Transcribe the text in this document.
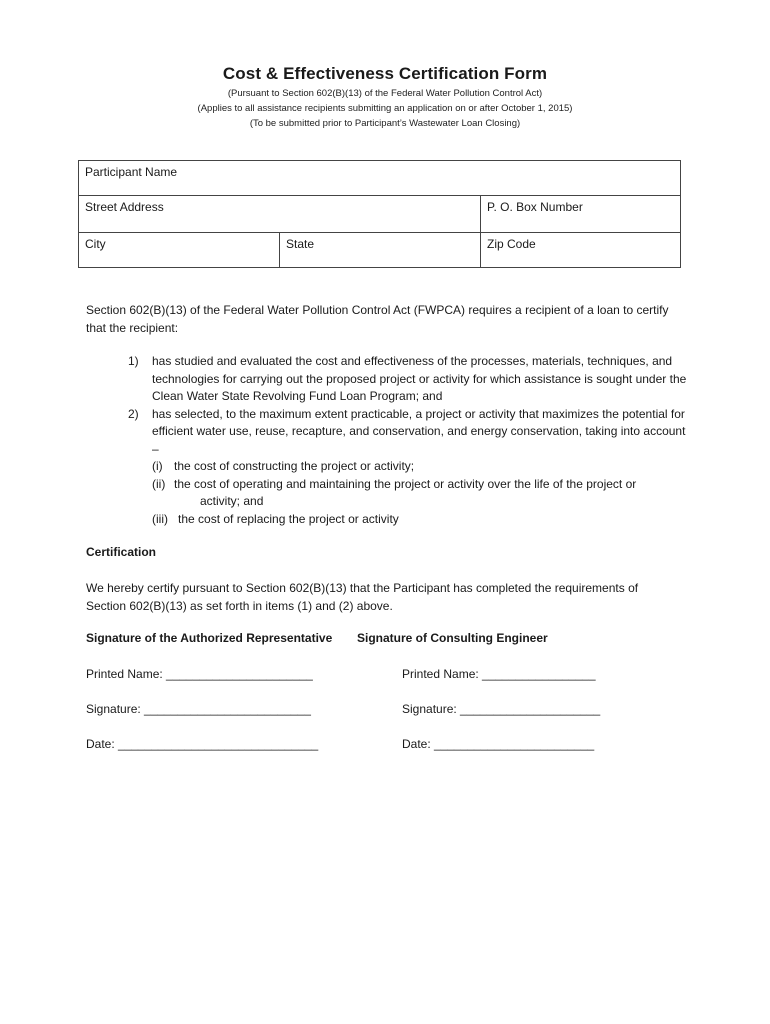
Cost & Effectiveness Certification Form
(Pursuant to Section 602(B)(13) of the Federal Water Pollution Control Act)
(Applies to all assistance recipients submitting an application on or after October 1, 2015)
(To be submitted prior to Participant’s Wastewater Loan Closing)
Participant Name		
Street Address		P. O. Box Number
City	State	Zip Code
Section 602(B)(13) of the Federal Water Pollution Control Act (FWPCA) requires a recipient of a loan to certify that the recipient:
1)	has studied and evaluated the cost and effectiveness of the processes, materials, techniques, and technologies for carrying out the proposed project or activity for which assistance is sought under the Clean Water State Revolving Fund Loan Program; and
2)	has selected, to the maximum extent practicable, a project or activity that maximizes the potential for efficient water use, reuse, recapture, and conservation, and energy conservation, taking into account –
(i) the cost of constructing the project or activity;
(ii) the cost of operating and maintaining the project or activity over the life of the project or
activity; and
(iii) the cost of replacing the project or activity
Certification
We hereby certify pursuant to Section 602(B)(13) that the Participant has completed the requirements of Section 602(B)(13) as set forth in items (1) and (2) above.
Signature of the Authorized Representative Signature of Consulting Engineer
Printed Name: ______________________	Printed Name: _________________
Signature: _________________________	Signature: _____________________
Date: ______________________________	Date: ________________________
